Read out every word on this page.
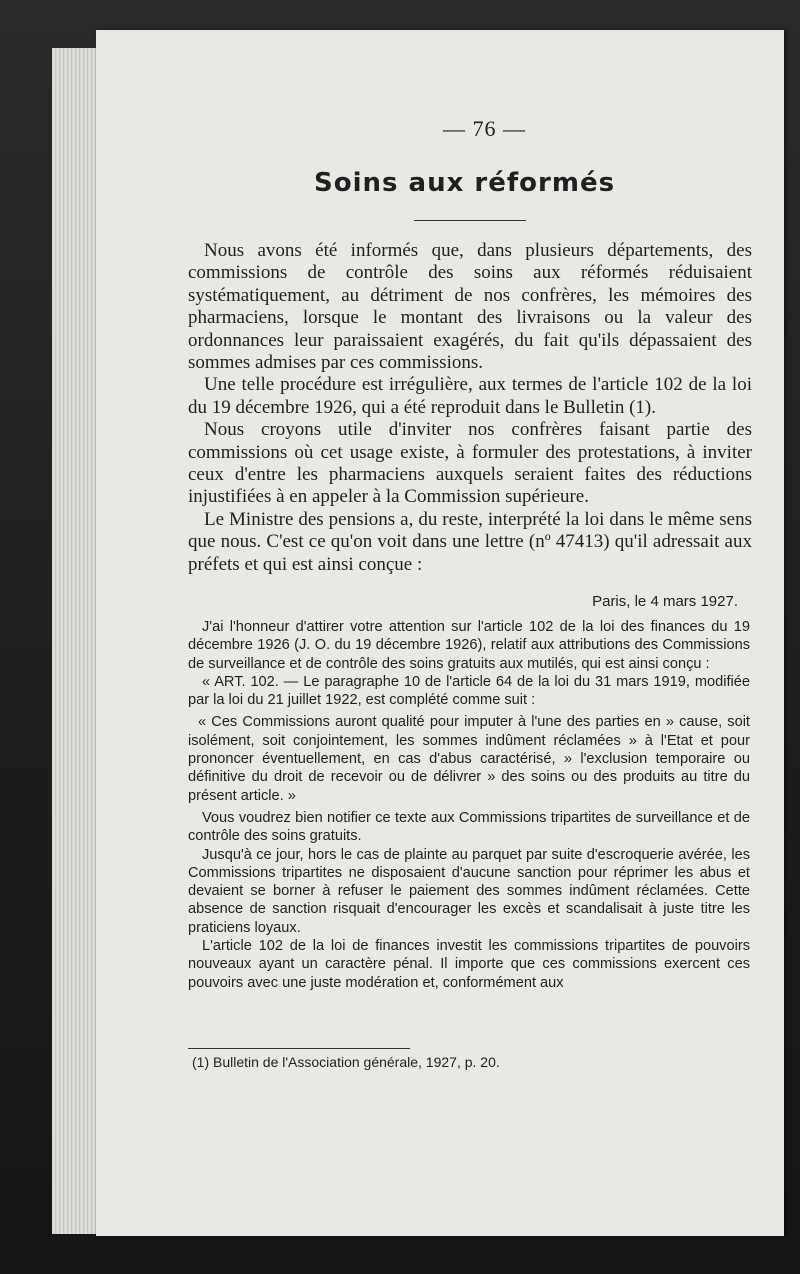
— 76 —
Soins aux réformés

Nous avons été informés que, dans plusieurs départements, des commissions de contrôle des soins aux réformés réduisaient systématiquement, au détriment de nos confrères, les mémoires des pharmaciens, lorsque le montant des livraisons ou la valeur des ordonnances leur paraissaient exagérés, du fait qu'ils dépassaient des sommes admises par ces commissions.

Une telle procédure est irrégulière, aux termes de l'article 102 de la loi du 19 décembre 1926, qui a été reproduit dans le Bulletin (1).

Nous croyons utile d'inviter nos confrères faisant partie des commissions où cet usage existe, à formuler des protestations, à inviter ceux d'entre les pharmaciens auxquels seraient faites des réductions injustifiées à en appeler à la Commission supérieure.

Le Ministre des pensions a, du reste, interprété la loi dans le même sens que nous. C'est ce qu'on voit dans une lettre (nº 47413) qu'il adressait aux préfets et qui est ainsi conçue :

Paris, le 4 mars 1927.

J'ai l'honneur d'attirer votre attention sur l'article 102 de la loi des finances du 19 décembre 1926 (J. O. du 19 décembre 1926), relatif aux attributions des Commissions de surveillance et de contrôle des soins gratuits aux mutilés, qui est ainsi conçu :

« ART. 102. — Le paragraphe 10 de l'article 64 de la loi du 31 mars 1919, modifiée par la loi du 21 juillet 1922, est complété comme suit :

« Ces Commissions auront qualité pour imputer à l'une des parties en » cause, soit isolément, soit conjointement, les sommes indûment réclamées » à l'Etat et pour prononcer éventuellement, en cas d'abus caractérisé, » l'exclusion temporaire ou définitive du droit de recevoir ou de délivrer » des soins ou des produits au titre du présent article. »

Vous voudrez bien notifier ce texte aux Commissions tripartites de surveillance et de contrôle des soins gratuits.

Jusqu'à ce jour, hors le cas de plainte au parquet par suite d'escroquerie avérée, les Commissions tripartites ne disposaient d'aucune sanction pour réprimer les abus et devaient se borner à refuser le paiement des sommes indûment réclamées. Cette absence de sanction risquait d'encourager les excès et scandalisait à juste titre les praticiens loyaux.

L'article 102 de la loi de finances investit les commissions tripartites de pouvoirs nouveaux ayant un caractère pénal. Il importe que ces commissions exercent ces pouvoirs avec une juste modération et, conformément aux

(1) Bulletin de l'Association générale, 1927, p. 20.
